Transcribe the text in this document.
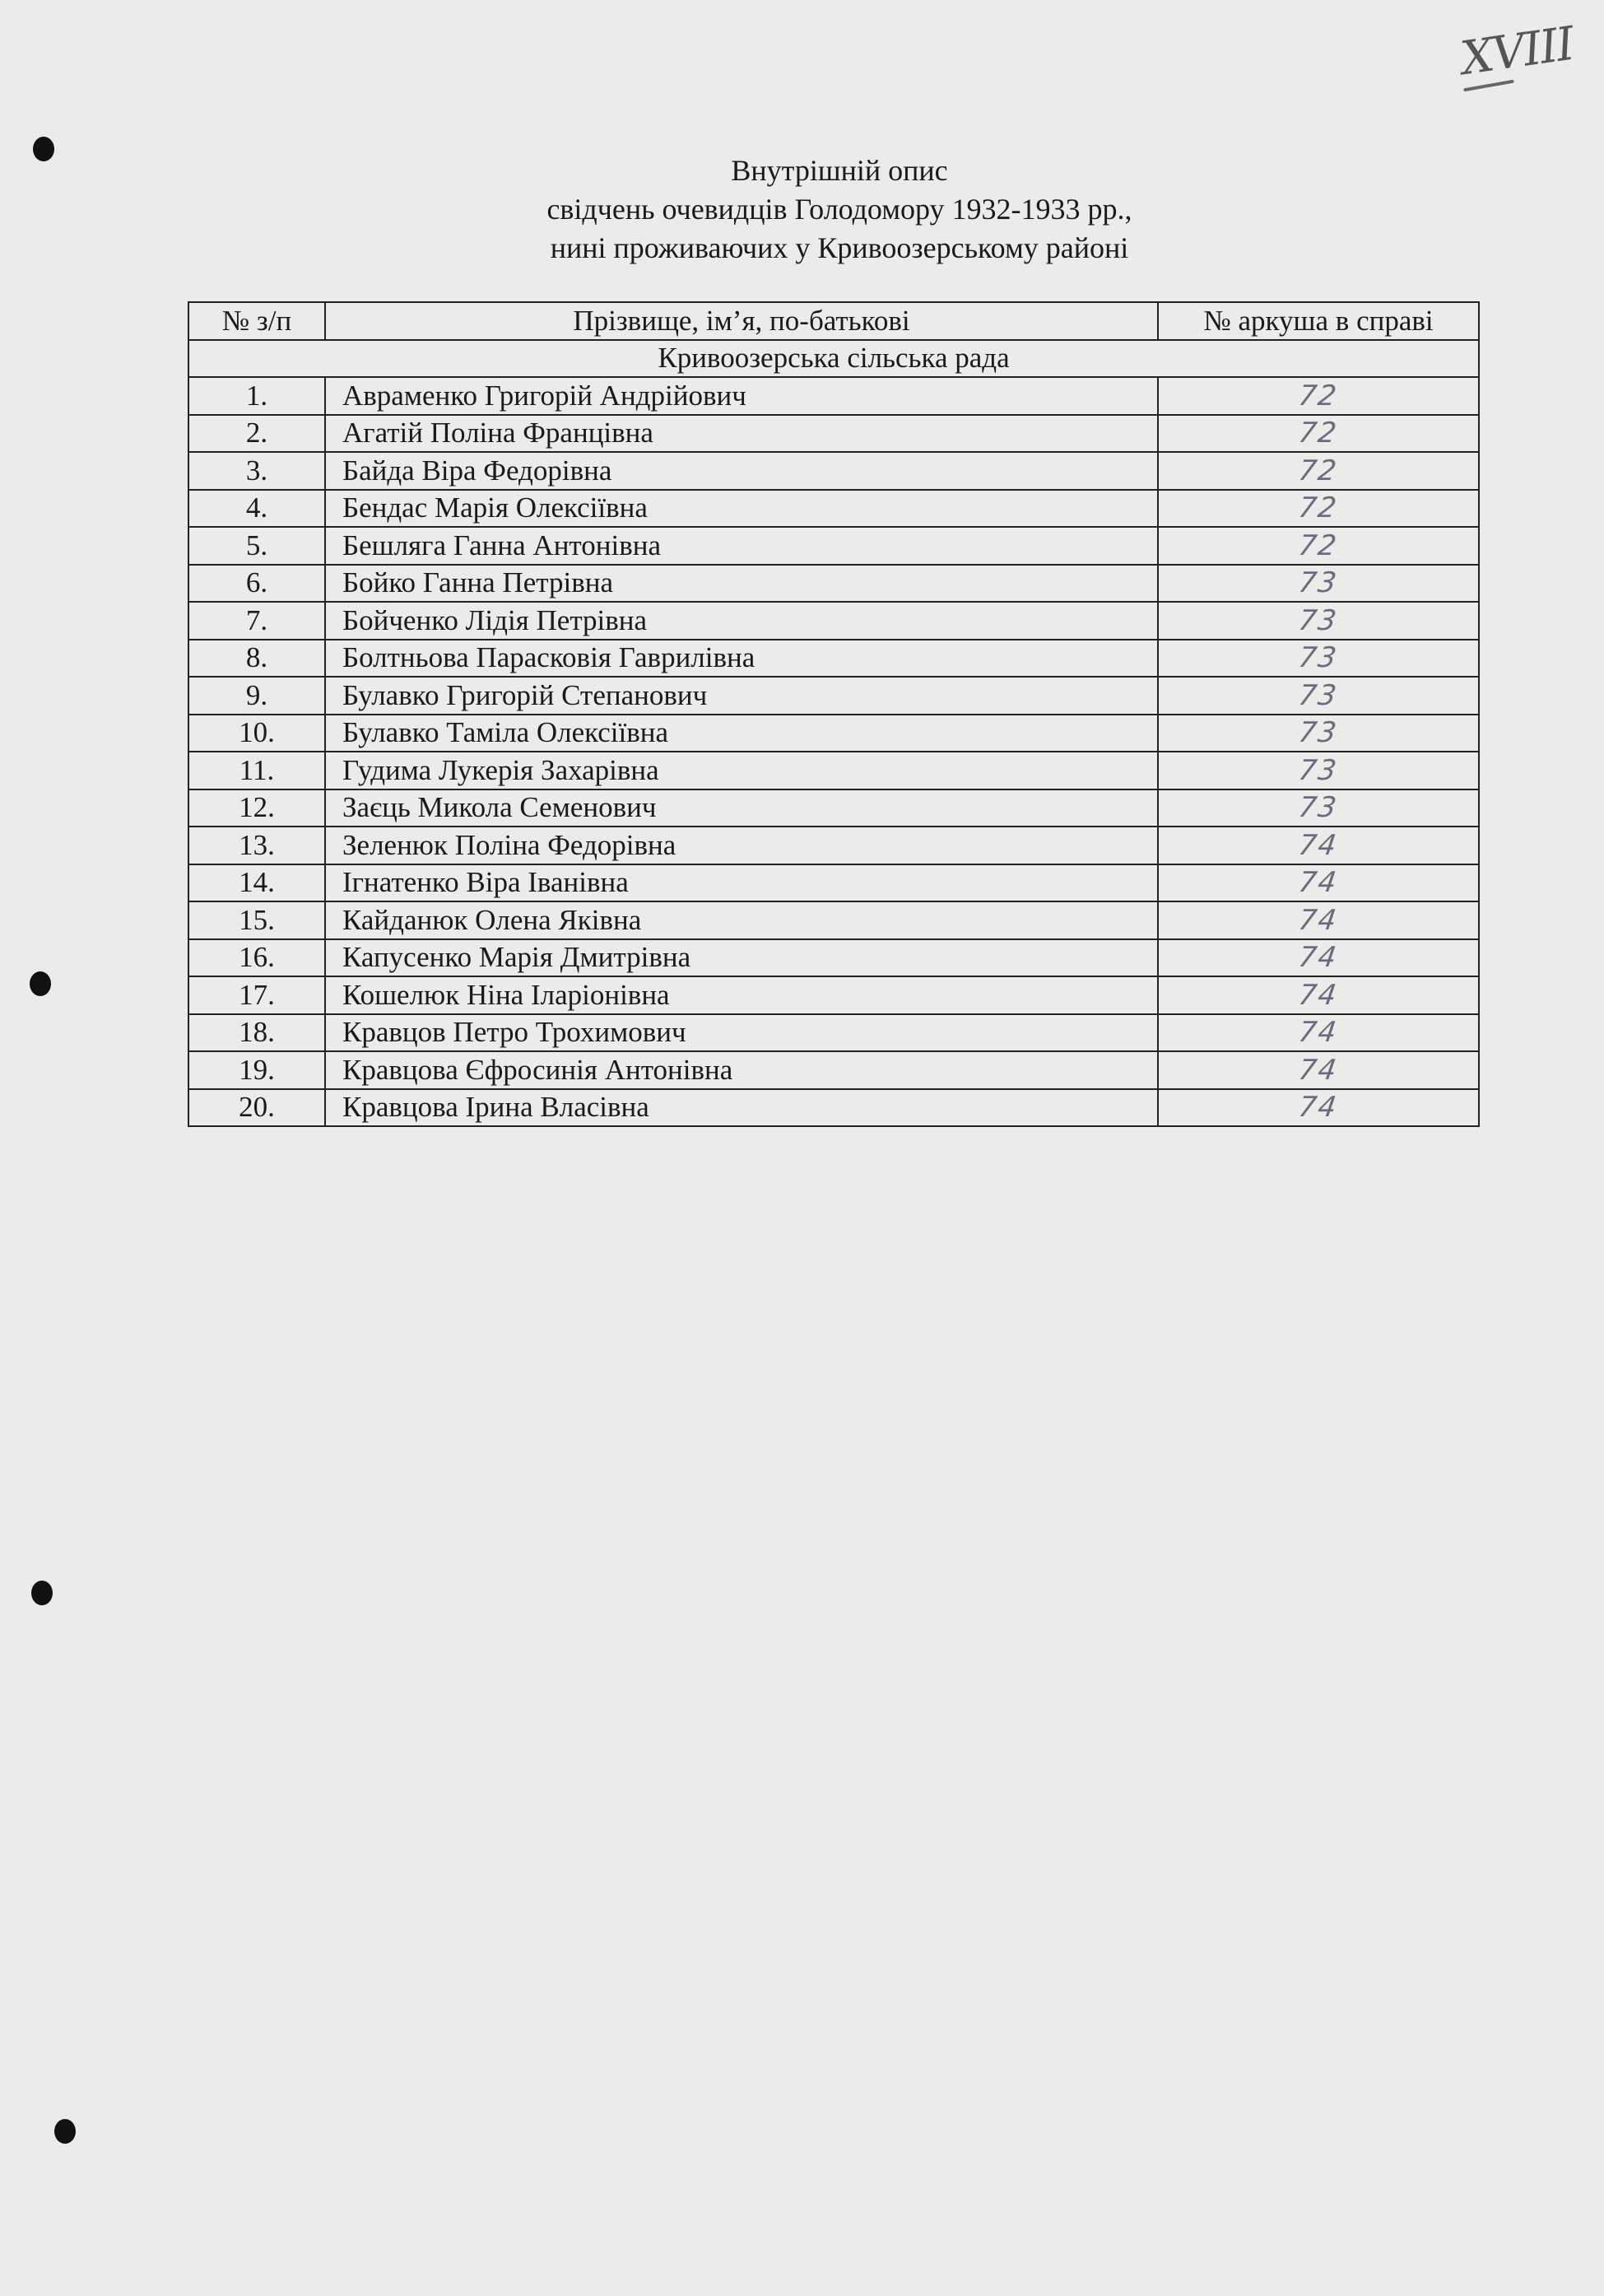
XVIII
Внутрішній опис
свідчень очевидців Голодомору 1932-1933 рр.,
нині проживаючих у Кривоозерському районі
№ з/п	Прізвище, ім’я, по-батькові	№ аркуша в справі
Кривоозерська сільська рада		
1.	Авраменко Григорій Андрійович	72
2.	Агатій Поліна Францівна	72
3.	Байда Віра Федорівна	72
4.	Бендас Марія Олексіївна	72
5.	Бешляга Ганна Антонівна	72
6.	Бойко Ганна Петрівна	73
7.	Бойченко Лідія Петрівна	73
8.	Болтньова Парасковія Гаврилівна	73
9.	Булавко Григорій Степанович	73
10.	Булавко Таміла Олексіївна	73
11.	Гудима Лукерія Захарівна	73
12.	Заєць Микола Семенович	73
13.	Зеленюк Поліна Федорівна	74
14.	Ігнатенко Віра Іванівна	74
15.	Кайданюк Олена Яківна	74
16.	Капусенко Марія Дмитрівна	74
17.	Кошелюк Ніна Іларіонівна	74
18.	Кравцов Петро Трохимович	74
19.	Кравцова Єфросинія Антонівна	74
20.	Кравцова Ірина Власівна	74
